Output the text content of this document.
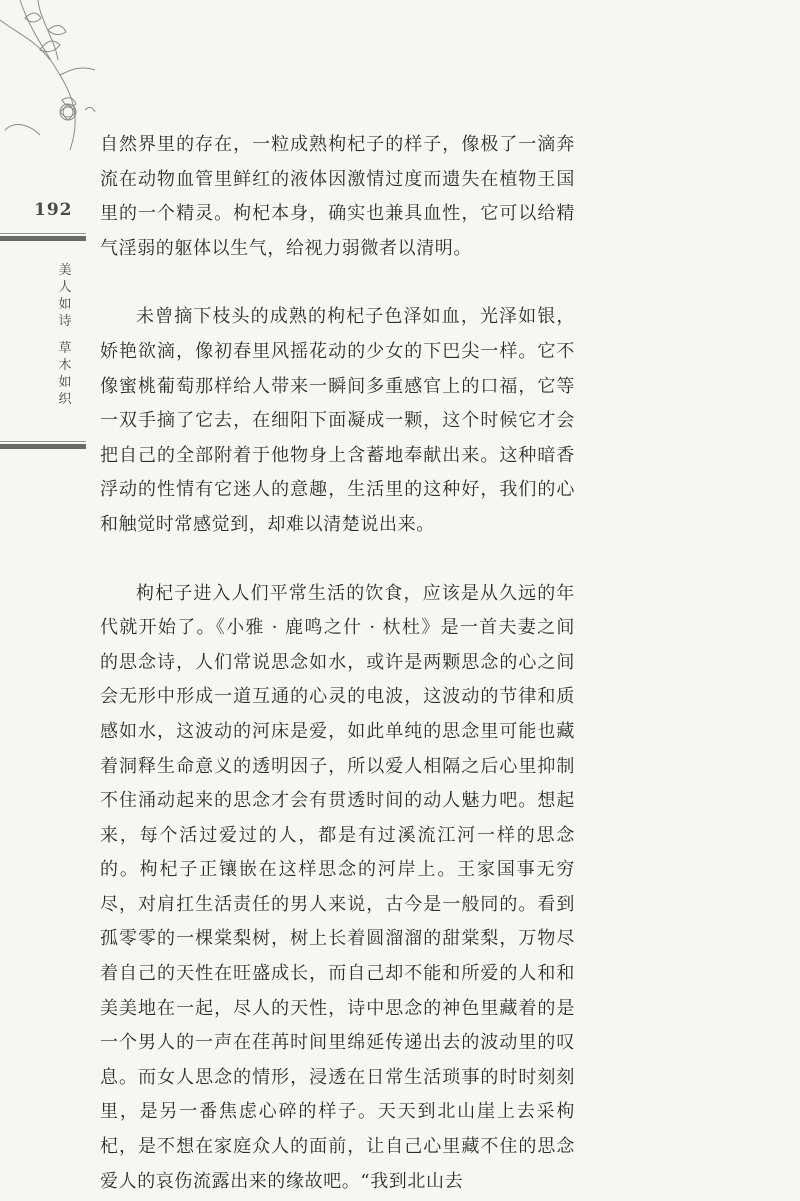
192
美
人
如
诗
草
木
如
织

自然界里的存在，一粒成熟枸杞子的样子，像极了一滴奔流在动物血管里鲜红的液体因激情过度而遗失在植物王国里的一个精灵。枸杞本身，确实也兼具血性，它可以给精气淫弱的躯体以生气，给视力弱微者以清明。

未曾摘下枝头的成熟的枸杞子色泽如血，光泽如银，娇艳欲滴，像初春里风摇花动的少女的下巴尖一样。它不像蜜桃葡萄那样给人带来一瞬间多重感官上的口福，它等一双手摘了它去，在细阳下面凝成一颗，这个时候它才会把自己的全部附着于他物身上含蓄地奉献出来。这种暗香浮动的性情有它迷人的意趣，生活里的这种好，我们的心和触觉时常感觉到，却难以清楚说出来。

枸杞子进入人们平常生活的饮食，应该是从久远的年代就开始了。《小雅 · 鹿鸣之什 · 杕杜》是一首夫妻之间的思念诗，人们常说思念如水，或许是两颗思念的心之间会无形中形成一道互通的心灵的电波，这波动的节律和质感如水，这波动的河床是爱，如此单纯的思念里可能也藏着洞释生命意义的透明因子，所以爱人相隔之后心里抑制不住涌动起来的思念才会有贯透时间的动人魅力吧。想起来，每个活过爱过的人，都是有过溪流江河一样的思念的。枸杞子正镶嵌在这样思念的河岸上。王家国事无穷尽，对肩扛生活责任的男人来说，古今是一般同的。看到孤零零的一棵棠梨树，树上长着圆溜溜的甜棠梨，万物尽着自己的天性在旺盛成长，而自己却不能和所爱的人和和美美地在一起，尽人的天性，诗中思念的神色里藏着的是一个男人的一声在荏苒时间里绵延传递出去的波动里的叹息。而女人思念的情形，浸透在日常生活琐事的时时刻刻里，是另一番焦虑心碎的样子。天天到北山崖上去采枸杞，是不想在家庭众人的面前，让自己心里藏不住的思念爱人的哀伤流露出来的缘故吧。“我到北山去
